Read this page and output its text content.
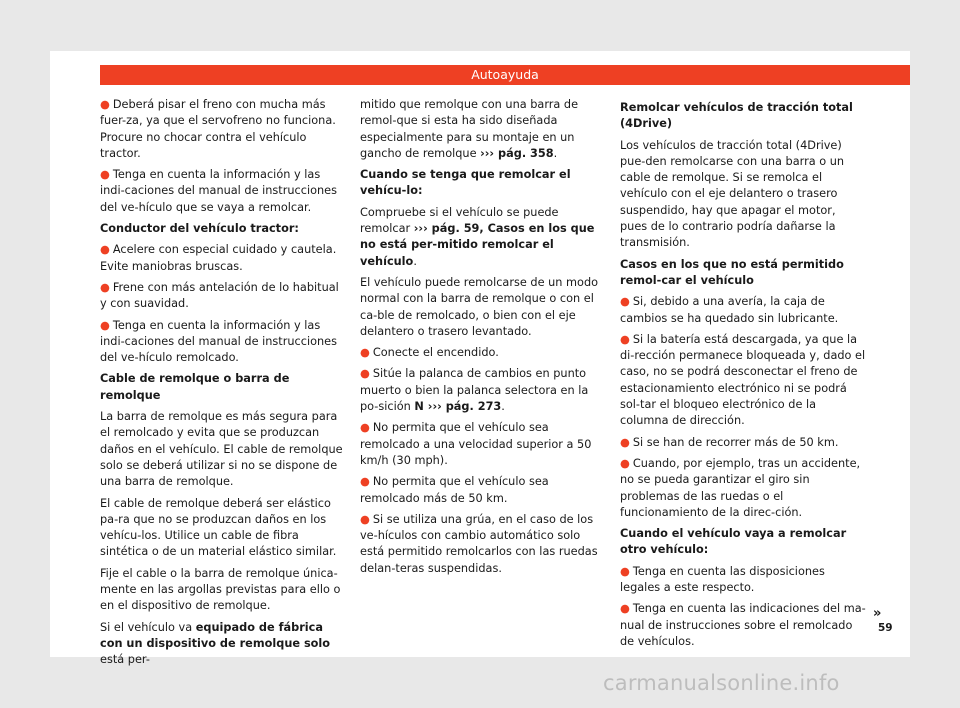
Autoayuda

● Deberá pisar el freno con mucha más fuer-za, ya que el servofreno no funciona. Procure no chocar contra el vehículo tractor.

● Tenga en cuenta la información y las indi-caciones del manual de instrucciones del ve-hículo que se vaya a remolcar.

Conductor del vehículo tractor:

● Acelere con especial cuidado y cautela. Evite maniobras bruscas.

● Frene con más antelación de lo habitual y con suavidad.

● Tenga en cuenta la información y las indi-caciones del manual de instrucciones del ve-hículo remolcado.

Cable de remolque o barra de remolque

La barra de remolque es más segura para el remolcado y evita que se produzcan daños en el vehículo. El cable de remolque solo se deberá utilizar si no se dispone de una barra de remolque.

El cable de remolque deberá ser elástico pa-ra que no se produzcan daños en los vehícu-los. Utilice un cable de fibra sintética o de un material elástico similar.

Fije el cable o la barra de remolque única-mente en las argollas previstas para ello o en el dispositivo de remolque.

Si el vehículo va equipado de fábrica con un dispositivo de remolque solo está per-

mitido que remolque con una barra de remol-que si esta ha sido diseñada especialmente para su montaje en un gancho de remolque ››› pág. 358.

Cuando se tenga que remolcar el vehícu-lo:

Compruebe si el vehículo se puede remolcar ››› pág. 59, Casos en los que no está per-mitido remolcar el vehículo.

El vehículo puede remolcarse de un modo normal con la barra de remolque o con el ca-ble de remolcado, o bien con el eje delantero o trasero levantado.

● Conecte el encendido.

● Sitúe la palanca de cambios en punto muerto o bien la palanca selectora en la po-sición N ››› pág. 273.

● No permita que el vehículo sea remolcado a una velocidad superior a 50 km/h (30 mph).

● No permita que el vehículo sea remolcado más de 50 km.

● Si se utiliza una grúa, en el caso de los ve-hículos con cambio automático solo está permitido remolcarlos con las ruedas delan-teras suspendidas.

Remolcar vehículos de tracción total (4Drive)

Los vehículos de tracción total (4Drive) pue-den remolcarse con una barra o un cable de remolque. Si se remolca el vehículo con el eje delantero o trasero suspendido, hay que apagar el motor, pues de lo contrario podría dañarse la transmisión.

Casos en los que no está permitido remol-car el vehículo

● Si, debido a una avería, la caja de cambios se ha quedado sin lubricante.

● Si la batería está descargada, ya que la di-rección permanece bloqueada y, dado el caso, no se podrá desconectar el freno de estacionamiento electrónico ni se podrá sol-tar el bloqueo electrónico de la columna de dirección.

● Si se han de recorrer más de 50 km.

● Cuando, por ejemplo, tras un accidente, no se pueda garantizar el giro sin problemas de las ruedas o el funcionamiento de la direc-ción.

Cuando el vehículo vaya a remolcar otro vehículo:

● Tenga en cuenta las disposiciones legales a este respecto.

● Tenga en cuenta las indicaciones del ma-nual de instrucciones sobre el remolcado de vehículos.

»
59
carmanualsonline.info
